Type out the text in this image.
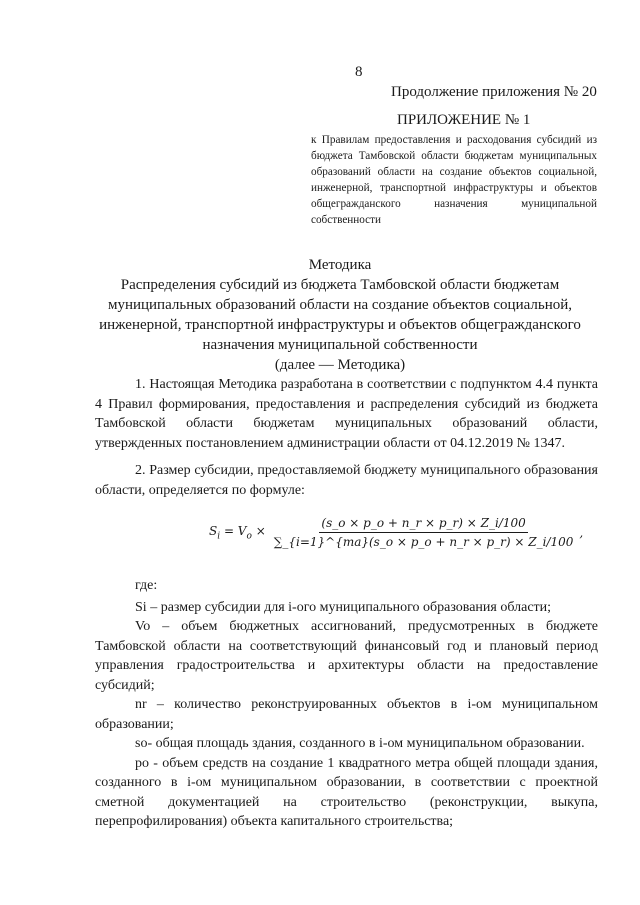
8
Продолжение приложения № 20
ПРИЛОЖЕНИЕ № 1
к Правилам предоставления и расходования субсидий из бюджета Тамбовской области бюджетам муниципальных образований области на создание объектов социальной, инженерной, транспортной инфраструктуры и объектов общегражданского назначения муниципальной собственности
Методика
Распределения субсидий из бюджета Тамбовской области бюджетам
муниципальных образований области на создание объектов социальной,
инженерной, транспортной инфраструктуры и объектов общегражданского
назначения муниципальной собственности
(далее — Методика)

1. Настоящая Методика разработана в соответствии с подпунктом 4.4 пункта 4 Правил формирования, предоставления и распределения субсидий из бюджета Тамбовской области бюджетам муниципальных образований области, утвержденных постановлением администрации области от 04.12.2019 № 1347.

2. Размер субсидии, предоставляемой бюджету муниципального образования области, определяется по формуле:

$S_i = V_o \times \frac{(s\_o \times p\_o + n\_r \times p\_r) \times Z\_i/100}{\sum\_\{i=1\}\^{}\{ma\}(s\_o \times p\_o + n\_r \times p\_r) \times Z\_i/100}$ ,

где:

Si – размер субсидии для i-ого муниципального образования области;

Vo – объем бюджетных ассигнований, предусмотренных в бюджете Тамбовской области на соответствующий финансовый год и плановый период управления градостроительства и архитектуры области на предоставление субсидий;

nr – количество реконструированных объектов в i-ом муниципальном образовании;

so- общая площадь здания, созданного в i-ом муниципальном образовании.

po - объем средств на создание 1 квадратного метра общей площади здания, созданного в i-ом муниципальном образовании, в соответствии с проектной сметной документацией на строительство (реконструкции, выкупа, перепрофилирования) объекта капитального строительства;
